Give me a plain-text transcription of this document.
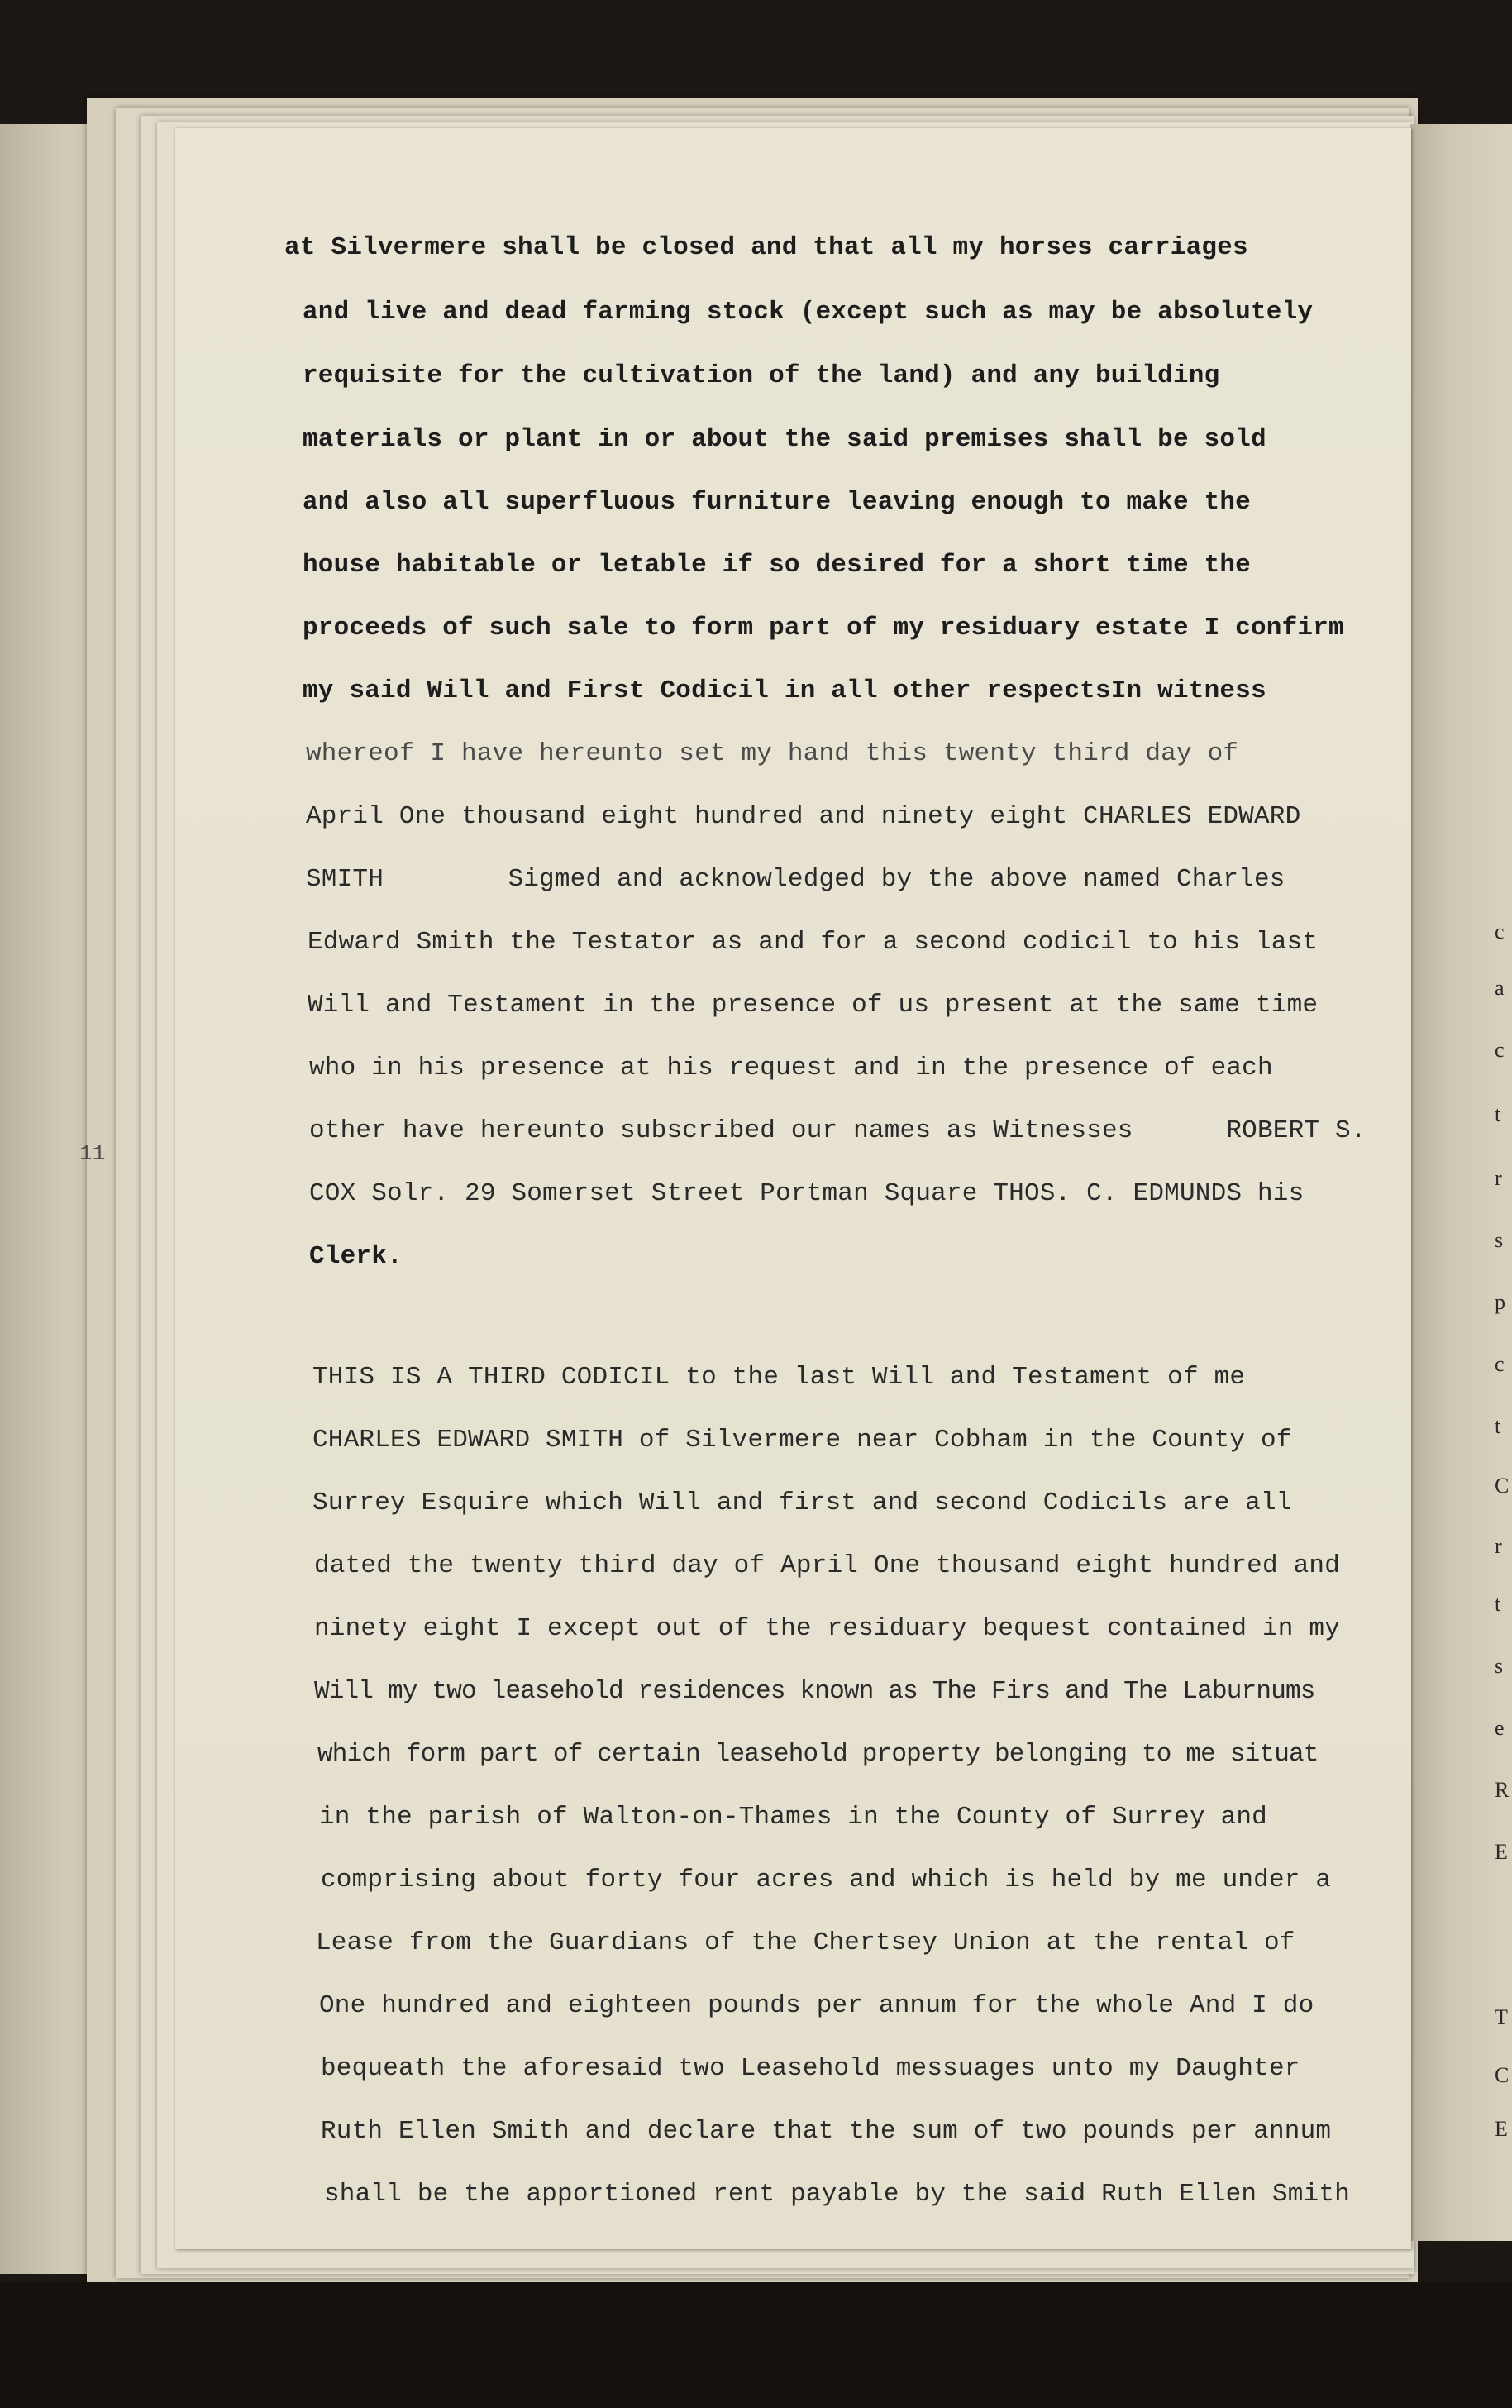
at Silvermere shall be closed and that all my horses carriages
and live and dead farming stock (except such as may be absolutely
requisite for the cultivation of the land) and any building
materials or plant in or about the said premises shall be sold
and also all superfluous furniture leaving enough to make the
house habitable or letable if so desired for a short time the
proceeds of such sale to form part of my residuary estate I confirm
my said Will and First Codicil in all other respectsIn witness
whereof I have hereunto set my hand this twenty third day of
April One thousand eight hundred and ninety eight CHARLES EDWARD
SMITH        Sigmed and acknowledged by the above named Charles
Edward Smith the Testator as and for a second codicil to his last
Will and Testament in the presence of us present at the same time
who in his presence at his request and in the presence of each
other have hereunto subscribed our names as Witnesses      ROBERT S.
COX Solr. 29 Somerset Street Portman Square THOS. C. EDMUNDS his
Clerk.
THIS IS A THIRD CODICIL to the last Will and Testament of me
CHARLES EDWARD SMITH of Silvermere near Cobham in the County of
Surrey Esquire which Will and first and second Codicils are all
dated the twenty third day of April One thousand eight hundred and
ninety eight I except out of the residuary bequest contained in my
Will my two leasehold residences known as The Firs and The Laburnums
which form part of certain leasehold property belonging to me situat
in the parish of Walton-on-Thames in the County of Surrey and
comprising about forty four acres and which is held by me under a
Lease from the Guardians of the Chertsey Union at the rental of
One hundred and eighteen pounds per annum for the whole And I do
bequeath the aforesaid two Leasehold messuages unto my Daughter
Ruth Ellen Smith and declare that the sum of two pounds per annum
shall be the apportioned rent payable by the said Ruth Ellen Smith
11
c
a
c
t
r
s
p
c
t
C
r
t
s
e
R
E
T
C
E
